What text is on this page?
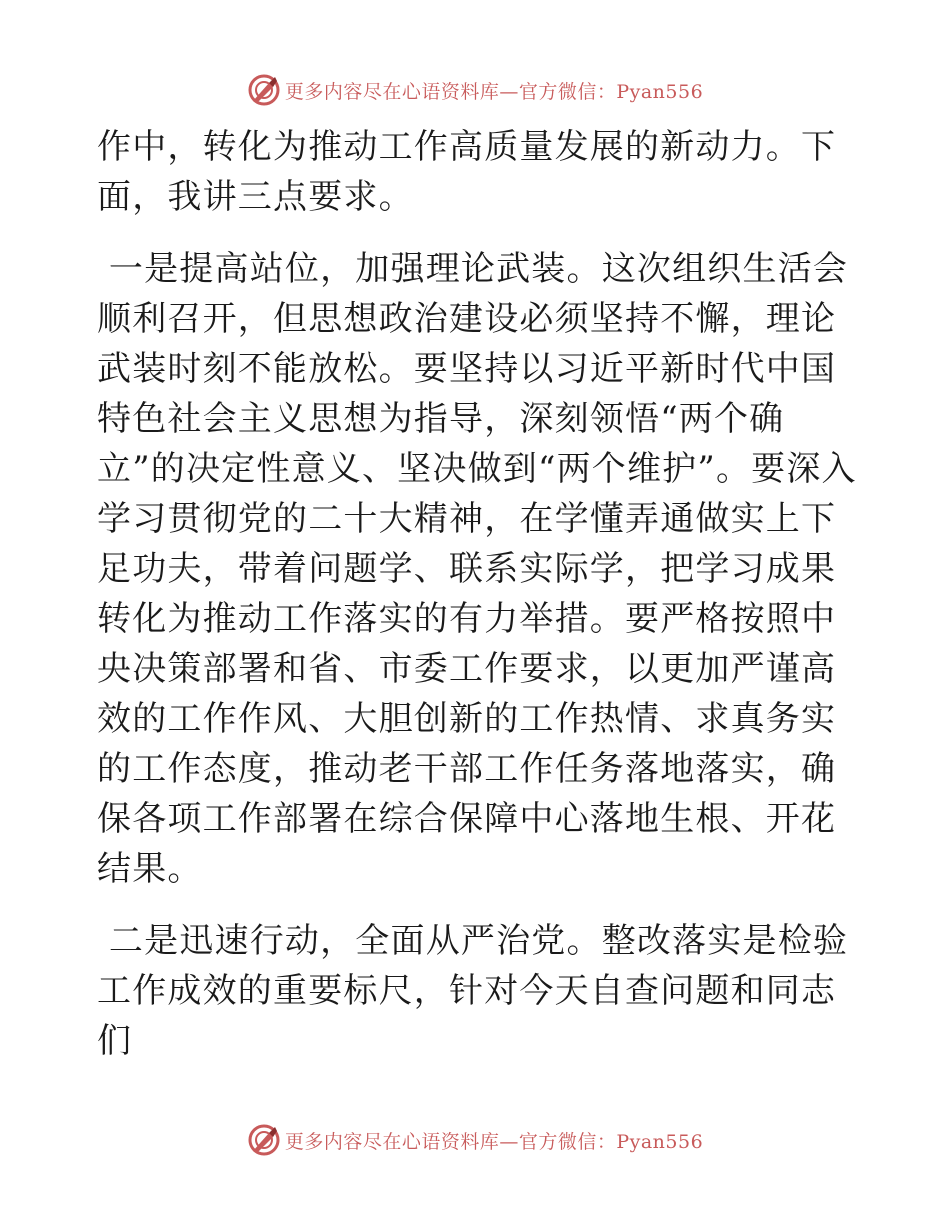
更多内容尽在心语资料库—官方微信：Pyan556

作中，转化为推动工作高质量发展的新动力。下面，我讲三点要求。

一是提高站位，加强理论武装。这次组织生活会顺利召开，但思想政治建设必须坚持不懈，理论武装时刻不能放松。要坚持以习近平新时代中国特色社会主义思想为指导，深刻领悟“两个确立”的决定性意义、坚决做到“两个维护”。要深入学习贯彻党的二十大精神，在学懂弄通做实上下足功夫，带着问题学、联系实际学，把学习成果转化为推动工作落实的有力举措。要严格按照中央决策部署和省、市委工作要求，以更加严谨高效的工作作风、大胆创新的工作热情、求真务实的工作态度，推动老干部工作任务落地落实，确保各项工作部署在综合保障中心落地生根、开花结果。

二是迅速行动，全面从严治党。整改落实是检验工作成效的重要标尺，针对今天自查问题和同志们

更多内容尽在心语资料库—官方微信：Pyan556
